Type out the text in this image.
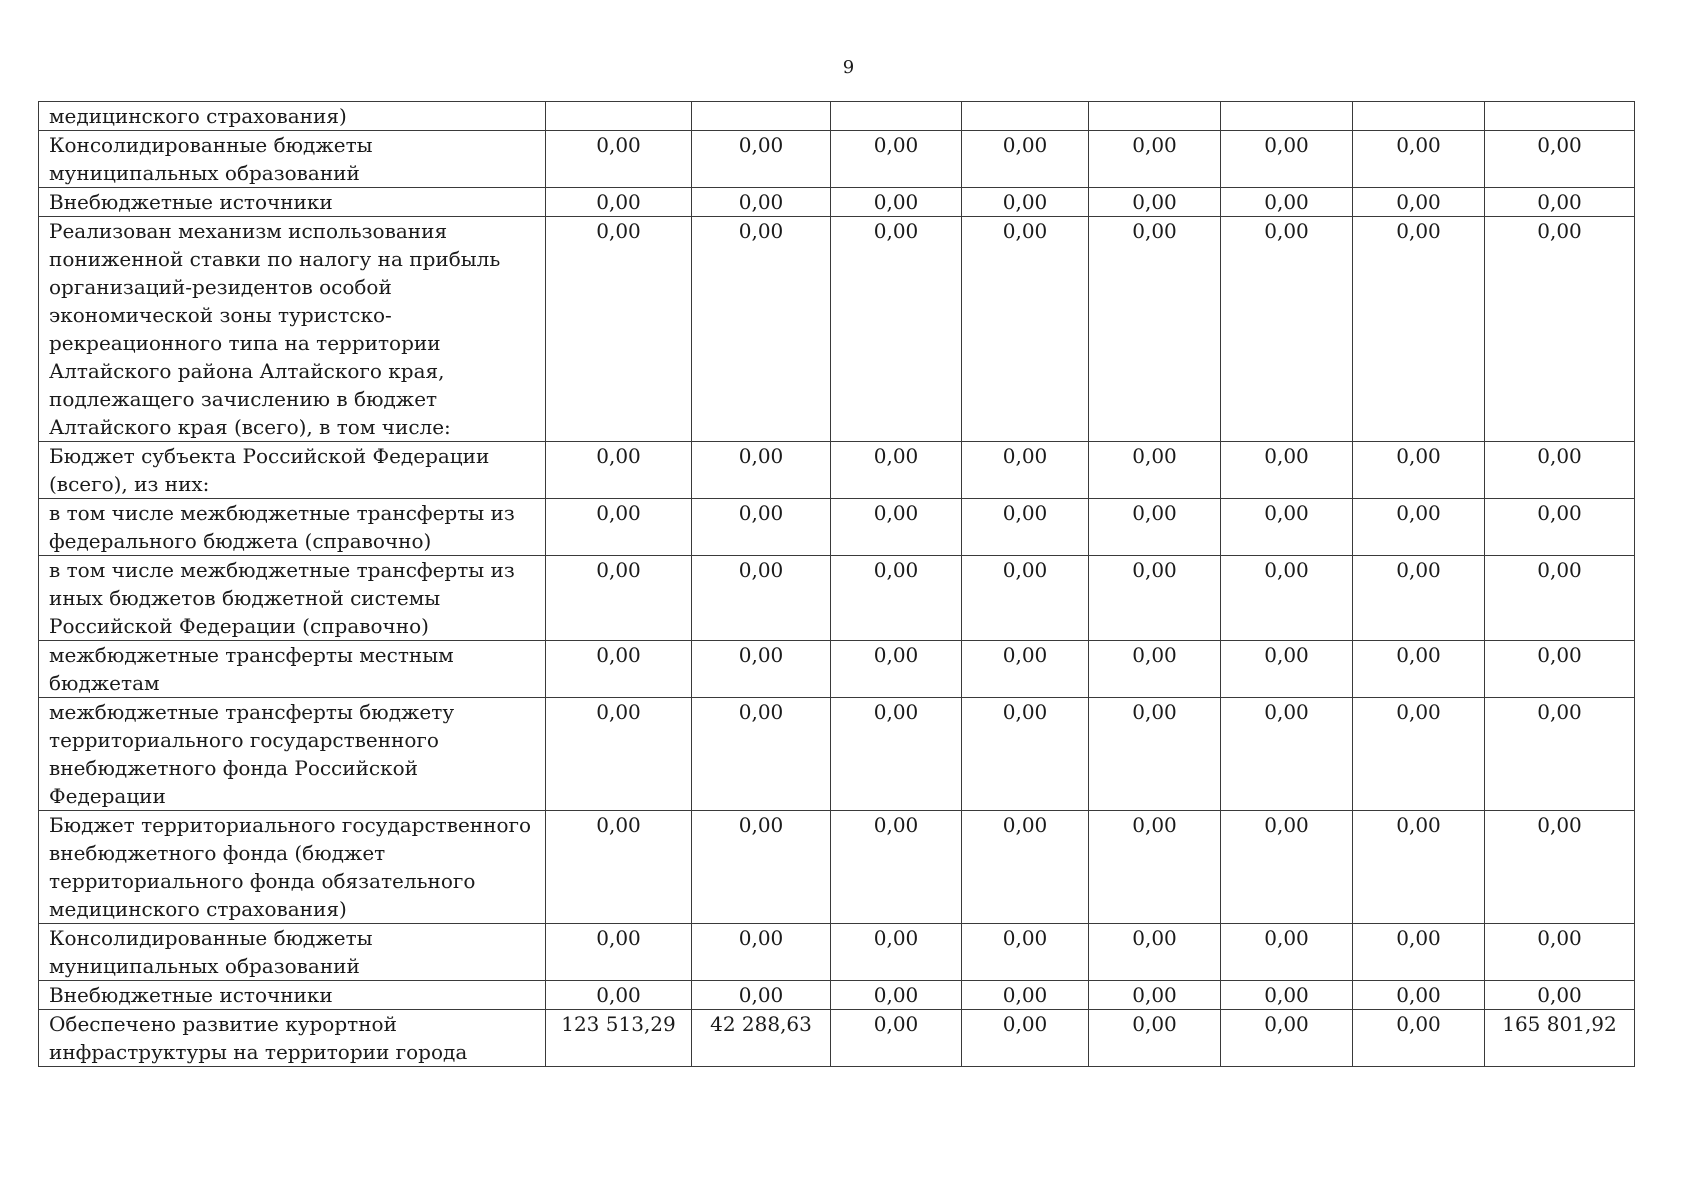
9
медицинского страхования)								
Консолидированные бюджеты муниципальных образований	0,00	0,00	0,00	0,00	0,00	0,00	0,00	0,00
Внебюджетные источники	0,00	0,00	0,00	0,00	0,00	0,00	0,00	0,00
Реализован механизм использования пониженной ставки по налогу на прибыль организаций-резидентов особой экономической зоны туристско-рекреационного типа на территории Алтайского района Алтайского края, подлежащего зачислению в бюджет Алтайского края (всего), в том числе:	0,00	0,00	0,00	0,00	0,00	0,00	0,00	0,00
Бюджет субъекта Российской Федерации (всего), из них:	0,00	0,00	0,00	0,00	0,00	0,00	0,00	0,00
в том числе межбюджетные трансферты из федерального бюджета (справочно)	0,00	0,00	0,00	0,00	0,00	0,00	0,00	0,00
в том числе межбюджетные трансферты из иных бюджетов бюджетной системы Российской Федерации (справочно)	0,00	0,00	0,00	0,00	0,00	0,00	0,00	0,00
межбюджетные трансферты местным бюджетам	0,00	0,00	0,00	0,00	0,00	0,00	0,00	0,00
межбюджетные трансферты бюджету территориального государственного внебюджетного фонда Российской Федерации	0,00	0,00	0,00	0,00	0,00	0,00	0,00	0,00
Бюджет территориального государственного внебюджетного фонда (бюджет территориального фонда обязательного медицинского страхования)	0,00	0,00	0,00	0,00	0,00	0,00	0,00	0,00
Консолидированные бюджеты муниципальных образований	0,00	0,00	0,00	0,00	0,00	0,00	0,00	0,00
Внебюджетные источники	0,00	0,00	0,00	0,00	0,00	0,00	0,00	0,00
Обеспечено развитие курортной инфраструктуры на территории города	123 513,29	42 288,63	0,00	0,00	0,00	0,00	0,00	165 801,92
